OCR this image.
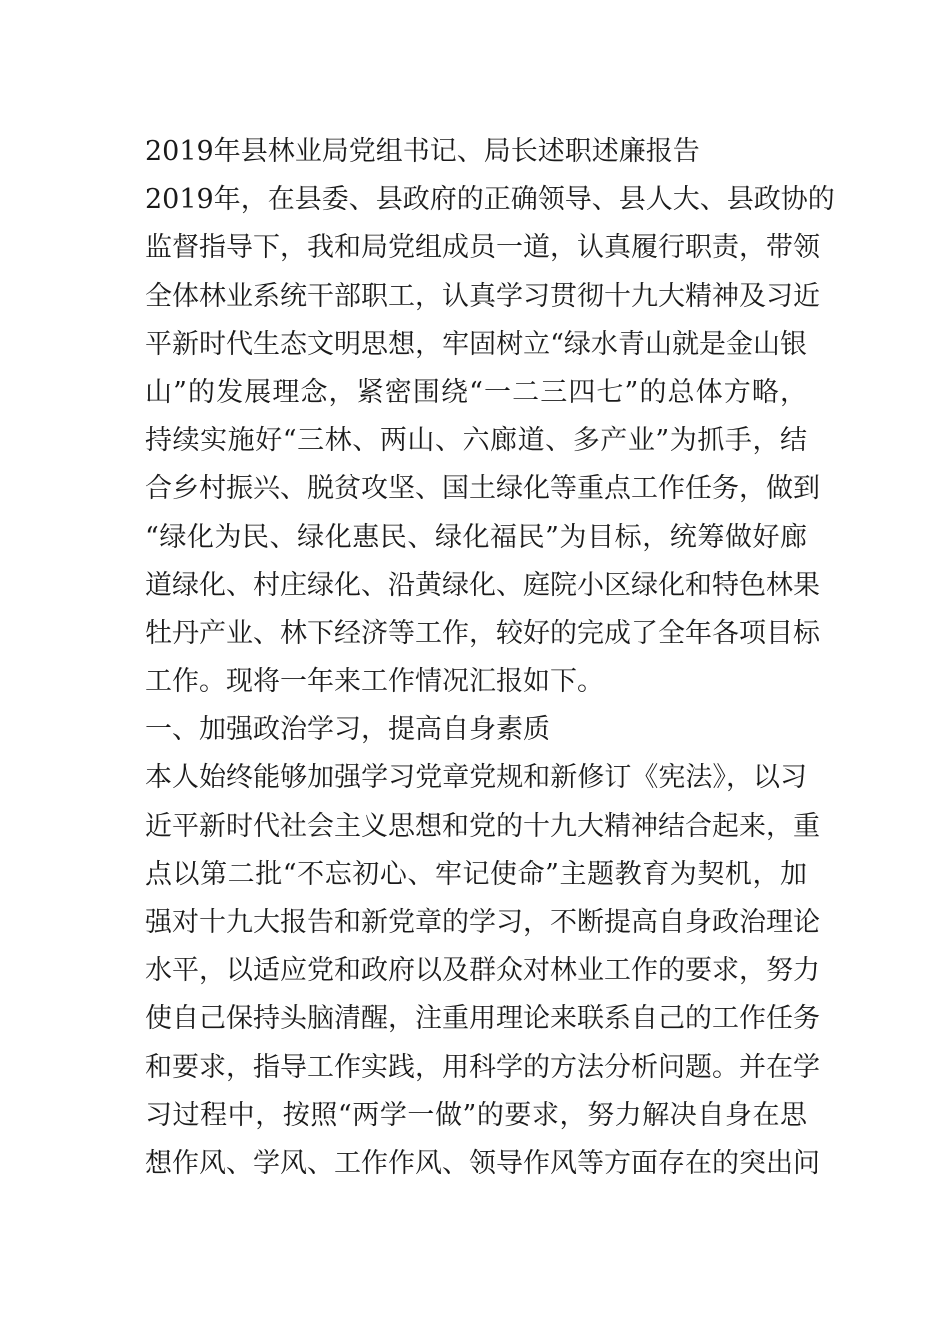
2019年县林业局党组书记、局长述职述廉报告
2019年，在县委、县政府的正确领导、县人大、县政协的
监督指导下，我和局党组成员一道，认真履行职责，带领
全体林业系统干部职工，认真学习贯彻十九大精神及习近
平新时代生态文明思想，牢固树立“绿水青山就是金山银
山”的发展理念，紧密围绕“一二三四七”的总体方略，
持续实施好“三林、两山、六廊道、多产业”为抓手，结
合乡村振兴、脱贫攻坚、国土绿化等重点工作任务，做到
“绿化为民、绿化惠民、绿化福民”为目标，统筹做好廊
道绿化、村庄绿化、沿黄绿化、庭院小区绿化和特色林果
牡丹产业、林下经济等工作，较好的完成了全年各项目标
工作。现将一年来工作情况汇报如下。
一、加强政治学习，提高自身素质
本人始终能够加强学习党章党规和新修订《宪法》，以习
近平新时代社会主义思想和党的十九大精神结合起来，重
点以第二批“不忘初心、牢记使命”主题教育为契机，加
强对十九大报告和新党章的学习，不断提高自身政治理论
水平，以适应党和政府以及群众对林业工作的要求，努力
使自己保持头脑清醒，注重用理论来联系自己的工作任务
和要求，指导工作实践，用科学的方法分析问题。并在学
习过程中，按照“两学一做”的要求，努力解决自身在思
想作风、学风、工作作风、领导作风等方面存在的突出问
